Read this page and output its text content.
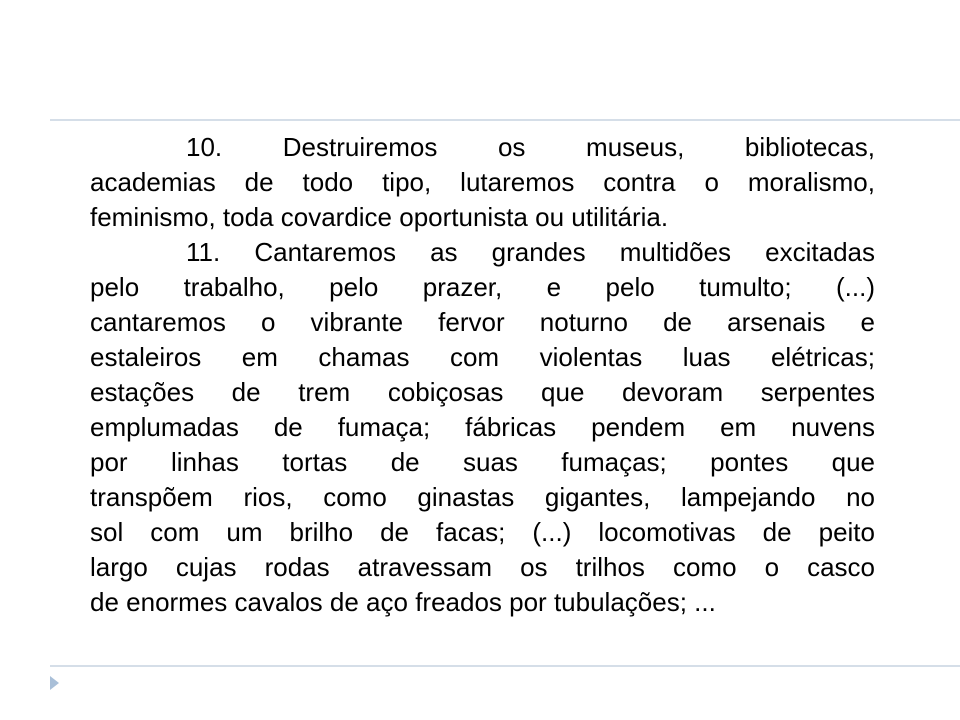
10. Destruiremos os museus, bibliotecas,
academias de todo tipo, lutaremos contra o moralismo,
feminismo, toda covardice oportunista ou utilitária.
11. Cantaremos as grandes multidões excitadas
pelo trabalho, pelo prazer, e pelo tumulto; (...)
cantaremos o vibrante fervor noturno de arsenais e
estaleiros em chamas com violentas luas elétricas;
estações de trem cobiçosas que devoram serpentes
emplumadas de fumaça; fábricas pendem em nuvens
por linhas tortas de suas fumaças; pontes que
transpõem rios, como ginastas gigantes, lampejando no
sol com um brilho de facas; (...) locomotivas de peito
largo cujas rodas atravessam os trilhos como o casco
de enormes cavalos de aço freados por tubulações; ...
